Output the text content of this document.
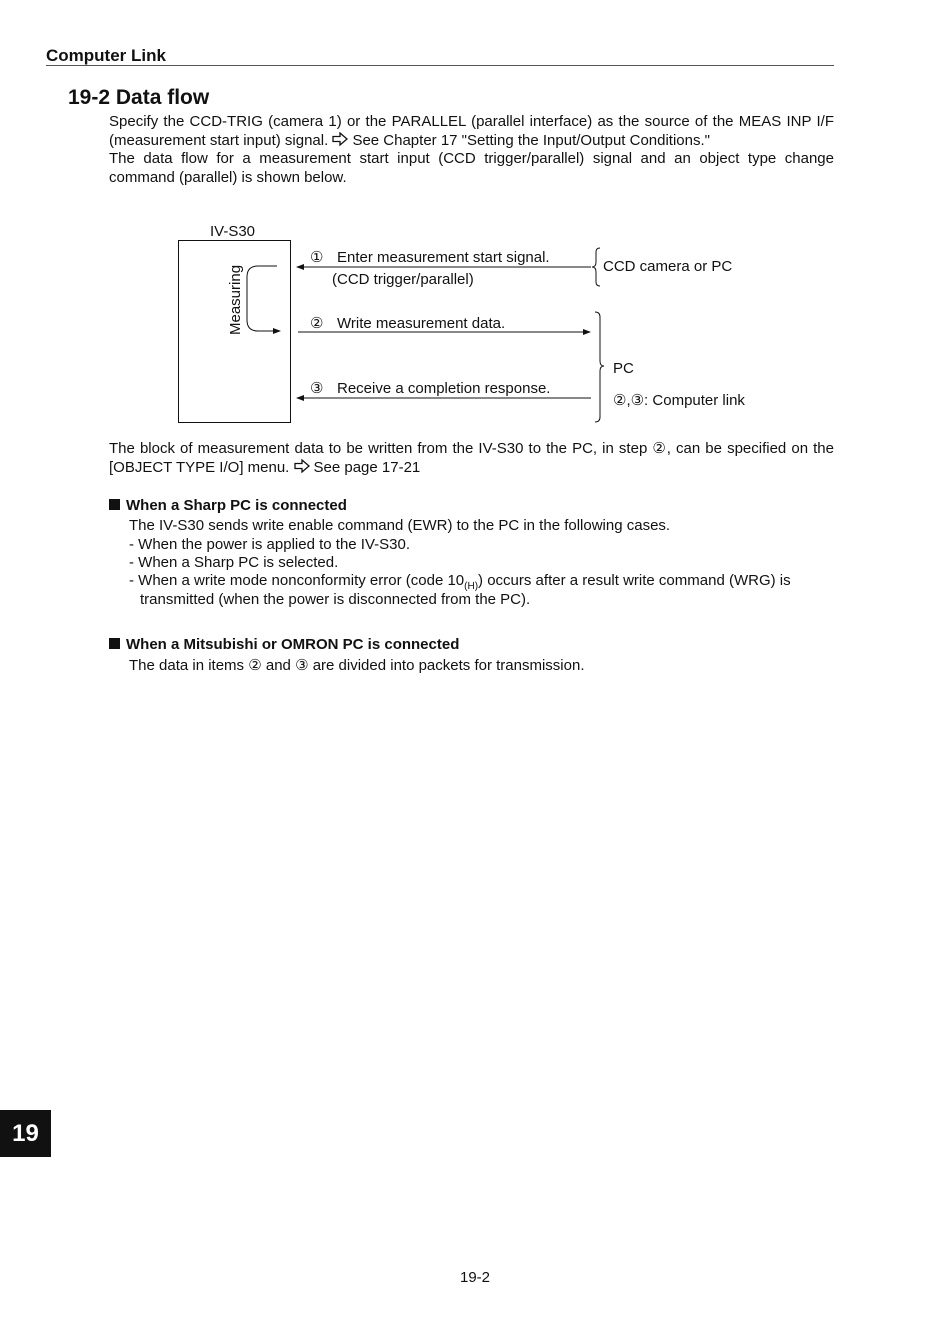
Computer Link
19-2 Data flow
Specify the CCD-TRIG (camera 1) or the PARALLEL (parallel interface) as the source of the MEAS INP I/F (measurement start input) signal. See Chapter 17 "Setting the Input/Output Conditions."
The data flow for a measurement start input (CCD trigger/parallel) signal and an object type change command (parallel) is shown below.
IV-S30
Measuring
① Enter measurement start signal.
(CCD trigger/parallel)
CCD camera or PC
② Write measurement data.
③ Receive a completion response.
PC
②,③: Computer link
The block of measurement data to be written from the IV-S30 to the PC, in step ②, can be specified on the [OBJECT TYPE I/O] menu. See page 17-21
When a Sharp PC is connected
The IV-S30 sends write enable command (EWR) to the PC in the following cases.
- When the power is applied to the IV-S30.
- When a Sharp PC is selected.
- When a write mode nonconformity error (code $10_{(H)}$) occurs after a result write command (WRG) is
transmitted (when the power is disconnected from the PC).
When a Mitsubishi or OMRON PC is connected
The data in items ② and ③ are divided into packets for transmission.
19
19-2
